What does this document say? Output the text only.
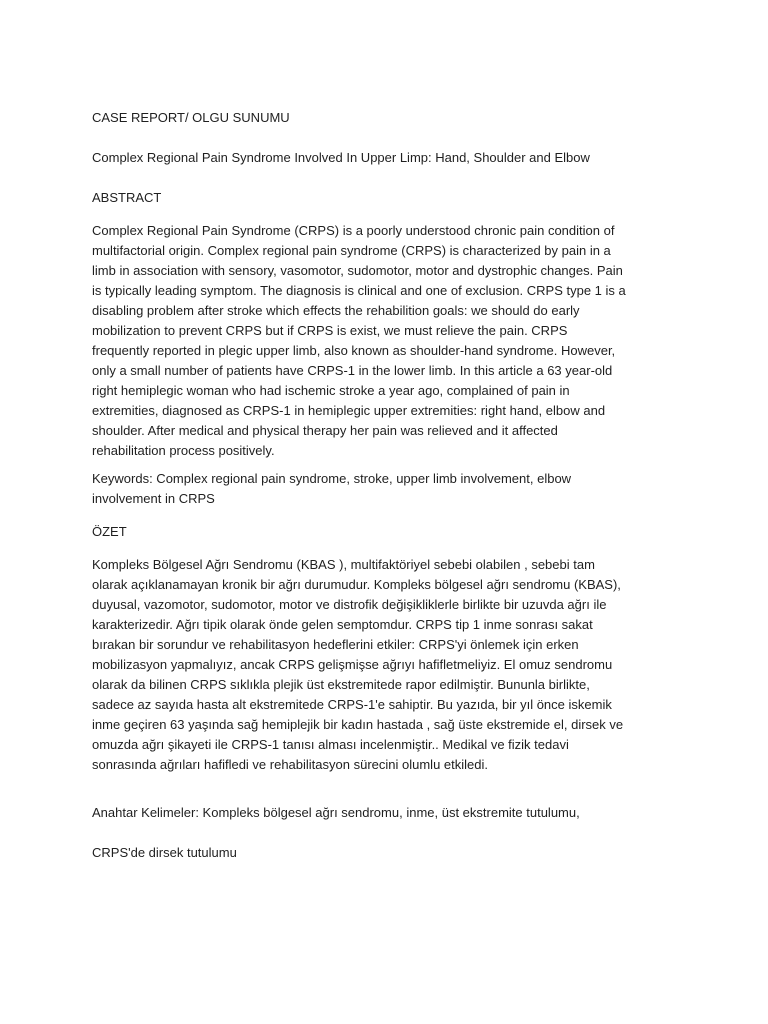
CASE REPORT/ OLGU SUNUMU

Complex Regional Pain Syndrome Involved In Upper Limp: Hand, Shoulder and Elbow

ABSTRACT

Complex Regional Pain Syndrome (CRPS) is a poorly understood chronic pain condition of
multifactorial origin. Complex regional pain syndrome (CRPS) is characterized by pain in a
limb in association with sensory, vasomotor, sudomotor, motor and dystrophic changes. Pain
is typically leading symptom. The diagnosis is clinical and one of exclusion. CRPS type 1 is a
disabling problem after stroke which effects the rehabilition goals: we should do early
mobilization to prevent CRPS but if CRPS is exist, we must relieve the pain. CRPS
frequently reported in plegic upper limb, also known as shoulder-hand syndrome. However,
only a small number of patients have CRPS-1 in the lower limb. In this article a 63 year-old
right hemiplegic woman who had ischemic stroke a year ago, complained of pain in
extremities, diagnosed as CRPS-1 in hemiplegic upper extremities: right hand, elbow and
shoulder. After medical and physical therapy her pain was relieved and it affected
rehabilitation process positively.
Keywords: Complex regional pain syndrome, stroke, upper limb involvement, elbow
involvement in CRPS

ÖZET

Kompleks Bölgesel Ağrı Sendromu (KBAS ), multifaktöriyel sebebi olabilen , sebebi tam
olarak açıklanamayan kronik bir ağrı durumudur. Kompleks bölgesel ağrı sendromu (KBAS),
duyusal, vazomotor, sudomotor, motor ve distrofik değişikliklerle birlikte bir uzuvda ağrı ile
karakterizedir. Ağrı tipik olarak önde gelen semptomdur. CRPS tip 1 inme sonrası sakat
bırakan bir sorundur ve rehabilitasyon hedeflerini etkiler: CRPS'yi önlemek için erken
mobilizasyon yapmalıyız, ancak CRPS gelişmişse ağrıyı hafifletmeliyiz. El omuz sendromu
olarak da bilinen CRPS sıklıkla plejik üst ekstremitede rapor edilmiştir. Bununla birlikte,
sadece az sayıda hasta alt ekstremitede CRPS-1'e sahiptir. Bu yazıda, bir yıl önce iskemik
inme geçiren 63 yaşında sağ hemiplejik bir kadın hastada , sağ üste ekstremide el, dirsek ve
omuzda ağrı şikayeti ile CRPS-1 tanısı alması incelenmiştir.. Medikal ve fizik tedavi
sonrasında ağrıları hafifledi ve rehabilitasyon sürecini olumlu etkiledi.

Anahtar Kelimeler: Kompleks bölgesel ağrı sendromu, inme, üst ekstremite tutulumu,

CRPS'de dirsek tutulumu
